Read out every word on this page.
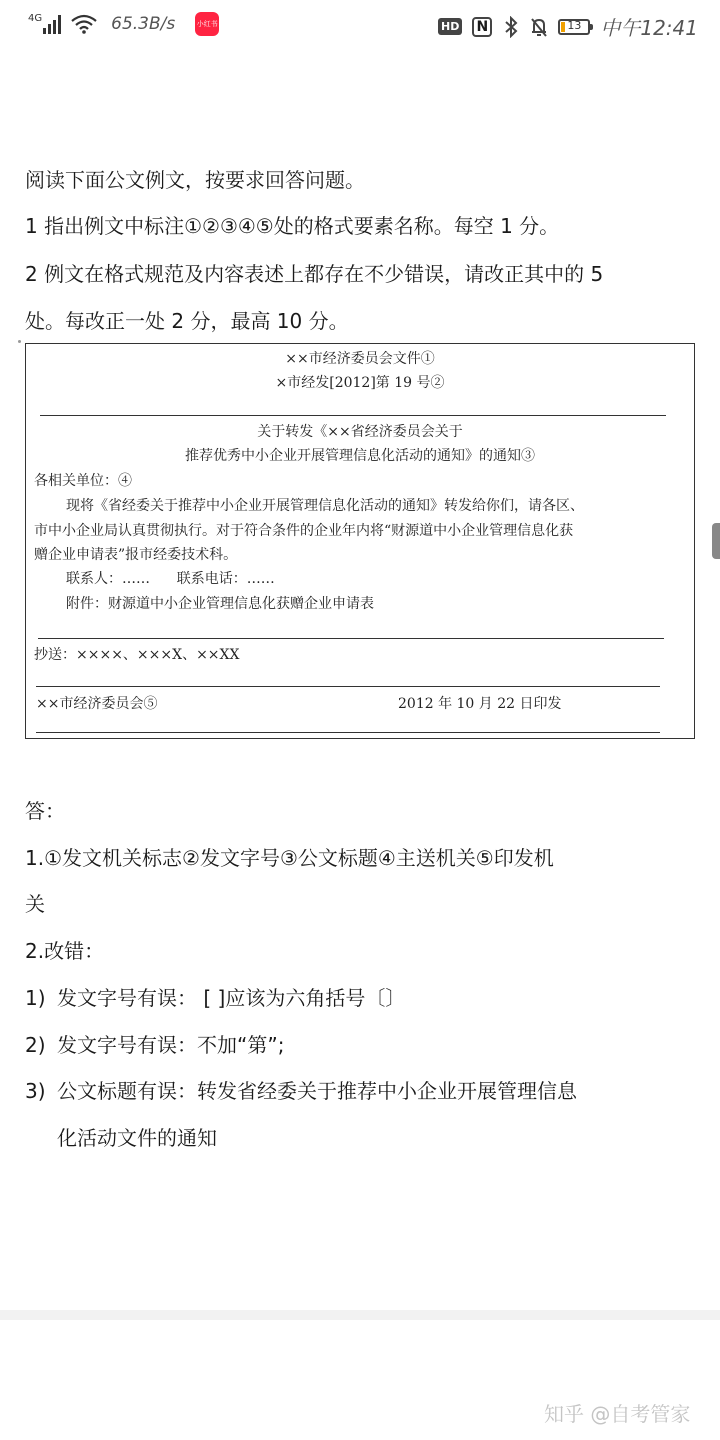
4G	65.3B/s	小红书	HD N	13 中午12:41

阅读下面公文例文，按要求回答问题。

1 指出例文中标注①②③④⑤处的格式要素名称。每空 1 分。

2 例文在格式规范及内容表述上都存在不少错误，请改正其中的 5

处。每改正一处 2 分，最高 10 分。

××市经济委员会文件①
×市经发[2012]第 19 号②
关于转发《××省经济委员会关于
推荐优秀中小企业开展管理信息化活动的通知》的通知③
各相关单位：④
现将《省经委关于推荐中小企业开展管理信息化活动的通知》转发给你们，请各区、
市中小企业局认真贯彻执行。对于符合条件的企业年内将“财源道中小企业管理信息化获
赠企业申请表”报市经委技术科。
联系人：……      联系电话：……
附件：财源道中小企业管理信息化获赠企业申请表
抄送：××××、×××X、××XX
××市经济委员会⑤	2012 年 10 月 22 日印发

答：

1.①发文机关标志②发文字号③公文标题④主送机关⑤印发机

关

2.改错：

1) 发文字号有误： [ ]应该为六角括号〔〕

2) 发文字号有误：不加“第”;

3) 公文标题有误：转发省经委关于推荐中小企业开展管理信息

化活动文件的通知

知乎 @自考管家
